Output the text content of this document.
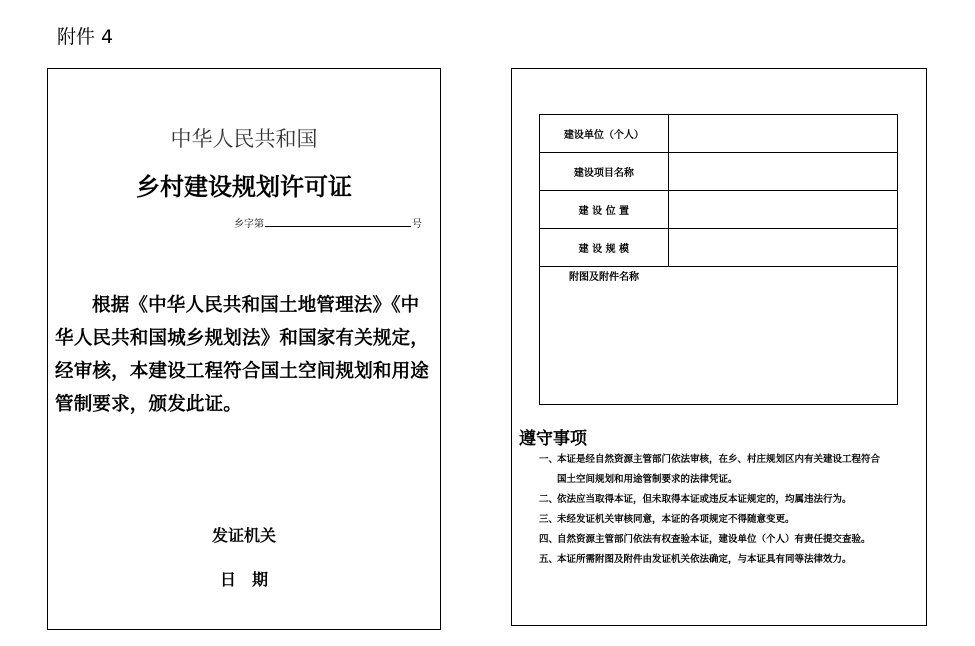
附件 4
中华人民共和国
乡村建设规划许可证
乡字第	号
根据《中华人民共和国土地管理法》《中华人民共和国城乡规划法》和国家有关规定，经审核，本建设工程符合国土空间规划和用途管制要求，颁发此证。
发证机关
日　期
建设单位（个人）	
建设项目名称	
建 设 位 置	
建 设 规 模	
附图及附件名称	
遵守事项
一、
本证是经自然资源主管部门依法审核，在乡、村庄规划区内有关建设工程符合国土空间规划和用途管制要求的法律凭证。
二、
依法应当取得本证，但未取得本证或违反本证规定的，均属违法行为。
三、
未经发证机关审核同意，本证的各项规定不得随意变更。
四、
自然资源主管部门依法有权查验本证，建设单位（个人）有责任提交查验。
五、
本证所需附图及附件由发证机关依法确定，与本证具有同等法律效力。
